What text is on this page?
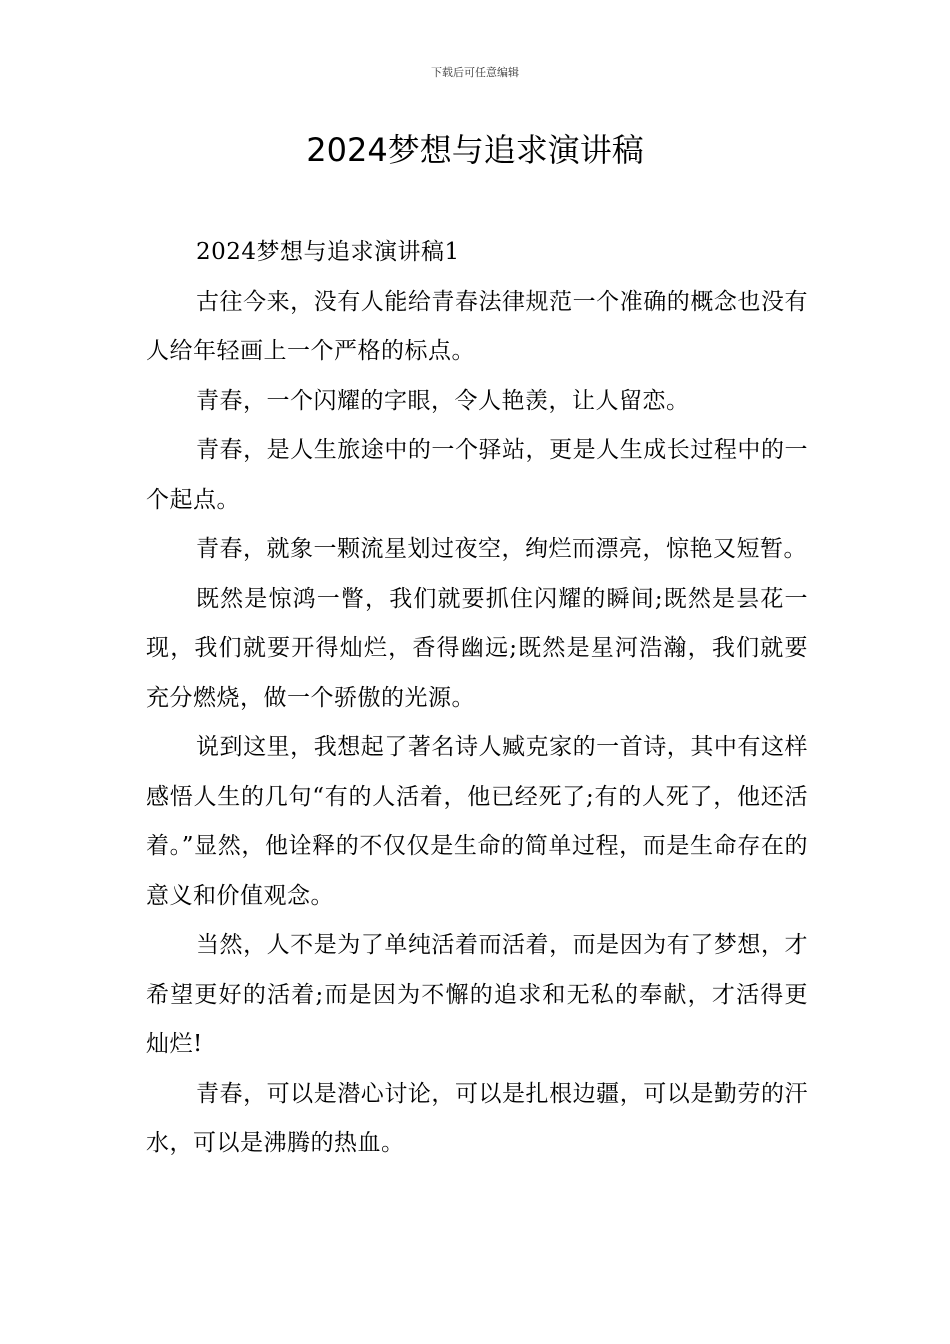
下载后可任意编辑
2024梦想与追求演讲稿

2024梦想与追求演讲稿1

古往今来，没有人能给青春法律规范一个准确的概念也没有人给年轻画上一个严格的标点。

青春，一个闪耀的字眼，令人艳羡，让人留恋。

青春，是人生旅途中的一个驿站，更是人生成长过程中的一个起点。

青春，就象一颗流星划过夜空，绚烂而漂亮，惊艳又短暂。

既然是惊鸿一瞥，我们就要抓住闪耀的瞬间;既然是昙花一现，我们就要开得灿烂，香得幽远;既然是星河浩瀚，我们就要充分燃烧，做一个骄傲的光源。

说到这里，我想起了著名诗人臧克家的一首诗，其中有这样感悟人生的几句“有的人活着，他已经死了;有的人死了，他还活着。”显然，他诠释的不仅仅是生命的简单过程，而是生命存在的意义和价值观念。

当然，人不是为了单纯活着而活着，而是因为有了梦想，才希望更好的活着;而是因为不懈的追求和无私的奉献，才活得更灿烂!

青春，可以是潜心讨论，可以是扎根边疆，可以是勤劳的汗水，可以是沸腾的热血。
